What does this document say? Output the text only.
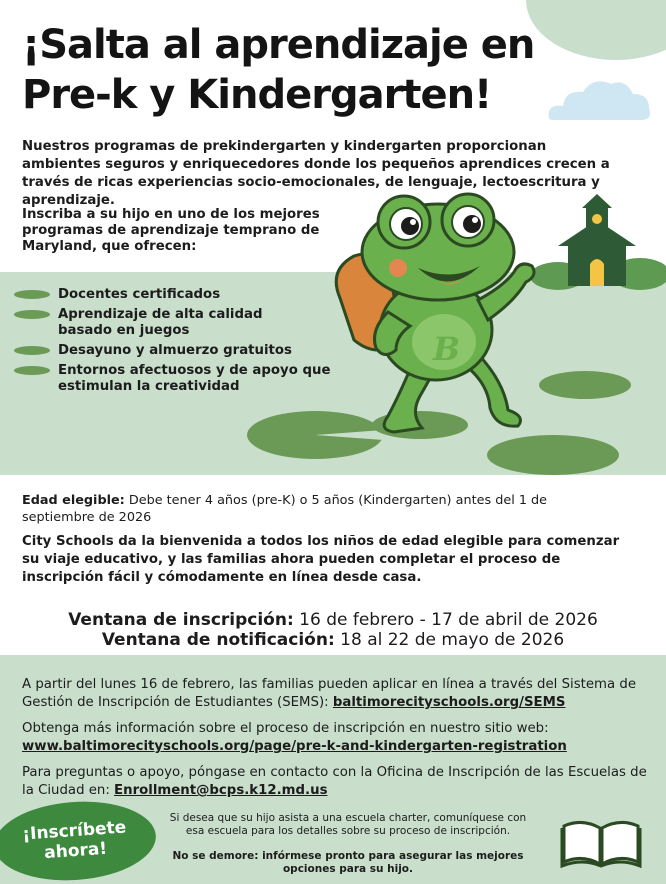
¡Salta al aprendizaje en
Pre-k y Kindergarten!

Nuestros programas de prekindergarten y kindergarten proporcionan ambientes seguros y enriquecedores donde los pequeños aprendices crecen a través de ricas experiencias socio-emocionales, de lenguaje, lectoescritura y aprendizaje.

Inscriba a su hijo en uno de los mejores programas de aprendizaje temprano de Maryland, que ofrecen:

B
Docentes certificados
Aprendizaje de alta calidad basado en juegos
Desayuno y almuerzo gratuitos
Entornos afectuosos y de apoyo que estimulan la creatividad

Edad elegible: Debe tener 4 años (pre-K) o 5 años (Kindergarten) antes del 1 de septiembre de 2026

City Schools da la bienvenida a todos los niños de edad elegible para comenzar su viaje educativo, y las familias ahora pueden completar el proceso de inscripción fácil y cómodamente en línea desde casa.

Ventana de inscripción: 16 de febrero - 17 de abril de 2026
Ventana de notificación: 18 al 22 de mayo de 2026

A partir del lunes 16 de febrero, las familias pueden aplicar en línea a través del Sistema de Gestión de Inscripción de Estudiantes (SEMS): baltimorecityschools.org/SEMS

Obtenga más información sobre el proceso de inscripción en nuestro sitio web: www.baltimorecityschools.org/page/pre-k-and-kindergarten-registration

Para preguntas o apoyo, póngase en contacto con la Oficina de Inscripción de las Escuelas de la Ciudad en: Enrollment@bcps.k12.md.us

¡Inscríbete
ahora!

Si desea que su hijo asista a una escuela charter, comuníquese con esa escuela para los detalles sobre su proceso de inscripción.

No se demore: infórmese pronto para asegurar las mejores opciones para su hijo.
